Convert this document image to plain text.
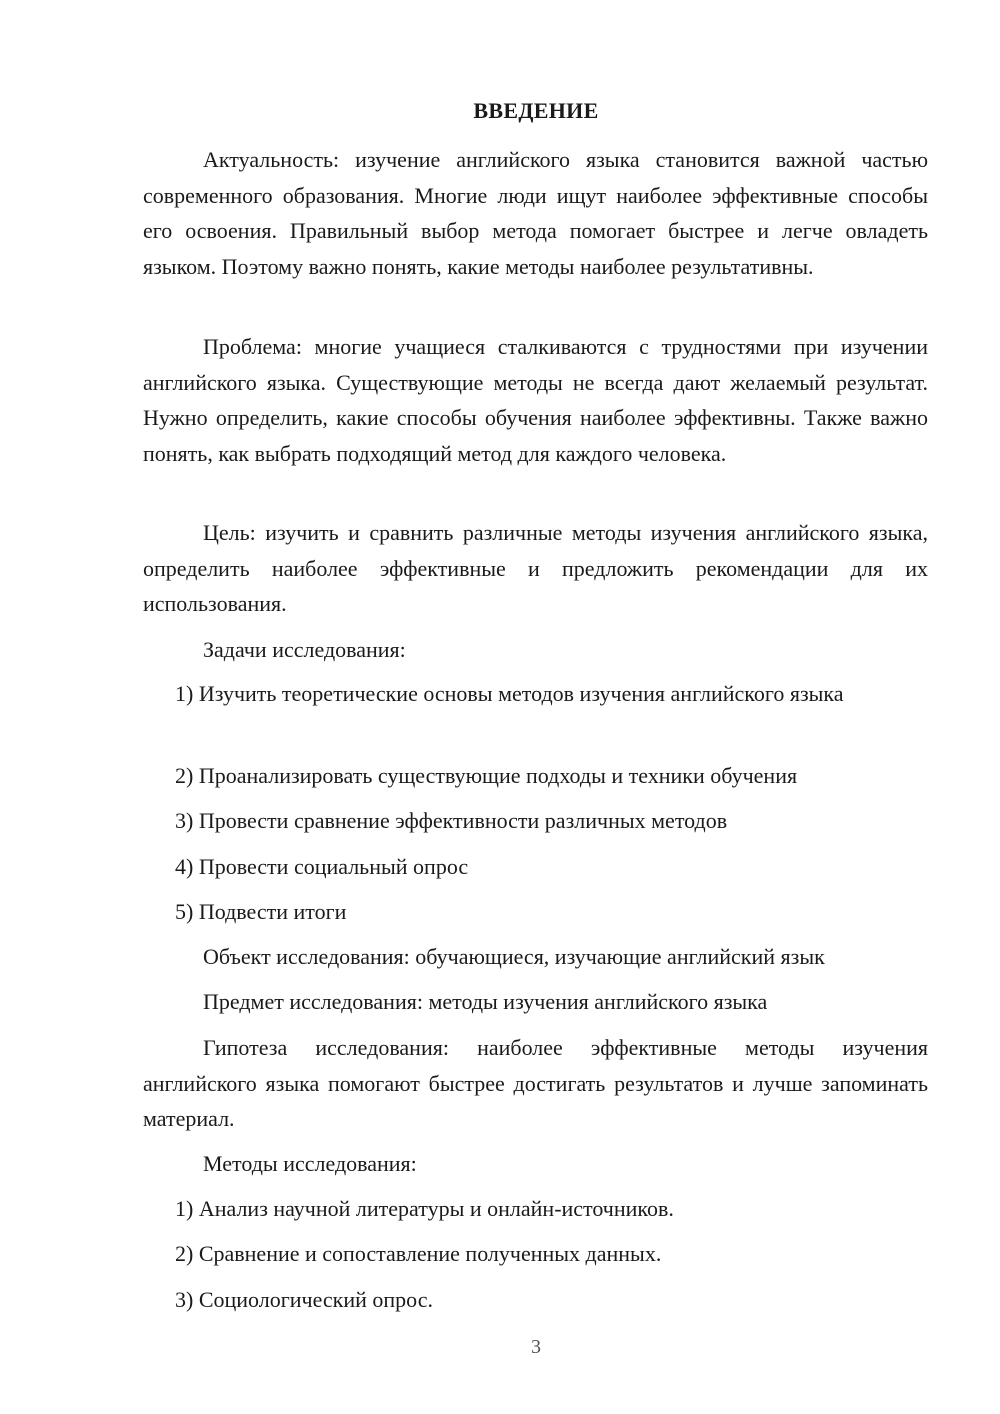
ВВЕДЕНИЕ

Актуальность: изучение английского языка становится важной частью современного образования. Многие люди ищут наиболее эффективные способы его освоения. Правильный выбор метода помогает быстрее и легче овладеть языком. Поэтому важно понять, какие методы наиболее результативны.

Проблема: многие учащиеся сталкиваются с трудностями при изучении английского языка. Существующие методы не всегда дают желаемый результат. Нужно определить, какие способы обучения наиболее эффективны. Также важно понять, как выбрать подходящий метод для каждого человека.

Цель: изучить и сравнить различные методы изучения английского языка, определить наиболее эффективные и предложить рекомендации для их использования.

Задачи исследования:

1) Изучить теоретические основы методов изучения английского языка

2) Проанализировать существующие подходы и техники обучения

3) Провести сравнение эффективности различных методов

4) Провести социальный опрос

5) Подвести итоги

Объект исследования: обучающиеся, изучающие английский язык

Предмет исследования: методы изучения английского языка

Гипотеза исследования: наиболее эффективные методы изучения английского языка помогают быстрее достигать результатов и лучше запоминать материал.

Методы исследования:

1) Анализ научной литературы и онлайн-источников.

2) Сравнение и сопоставление полученных данных.

3) Социологический опрос.

3
